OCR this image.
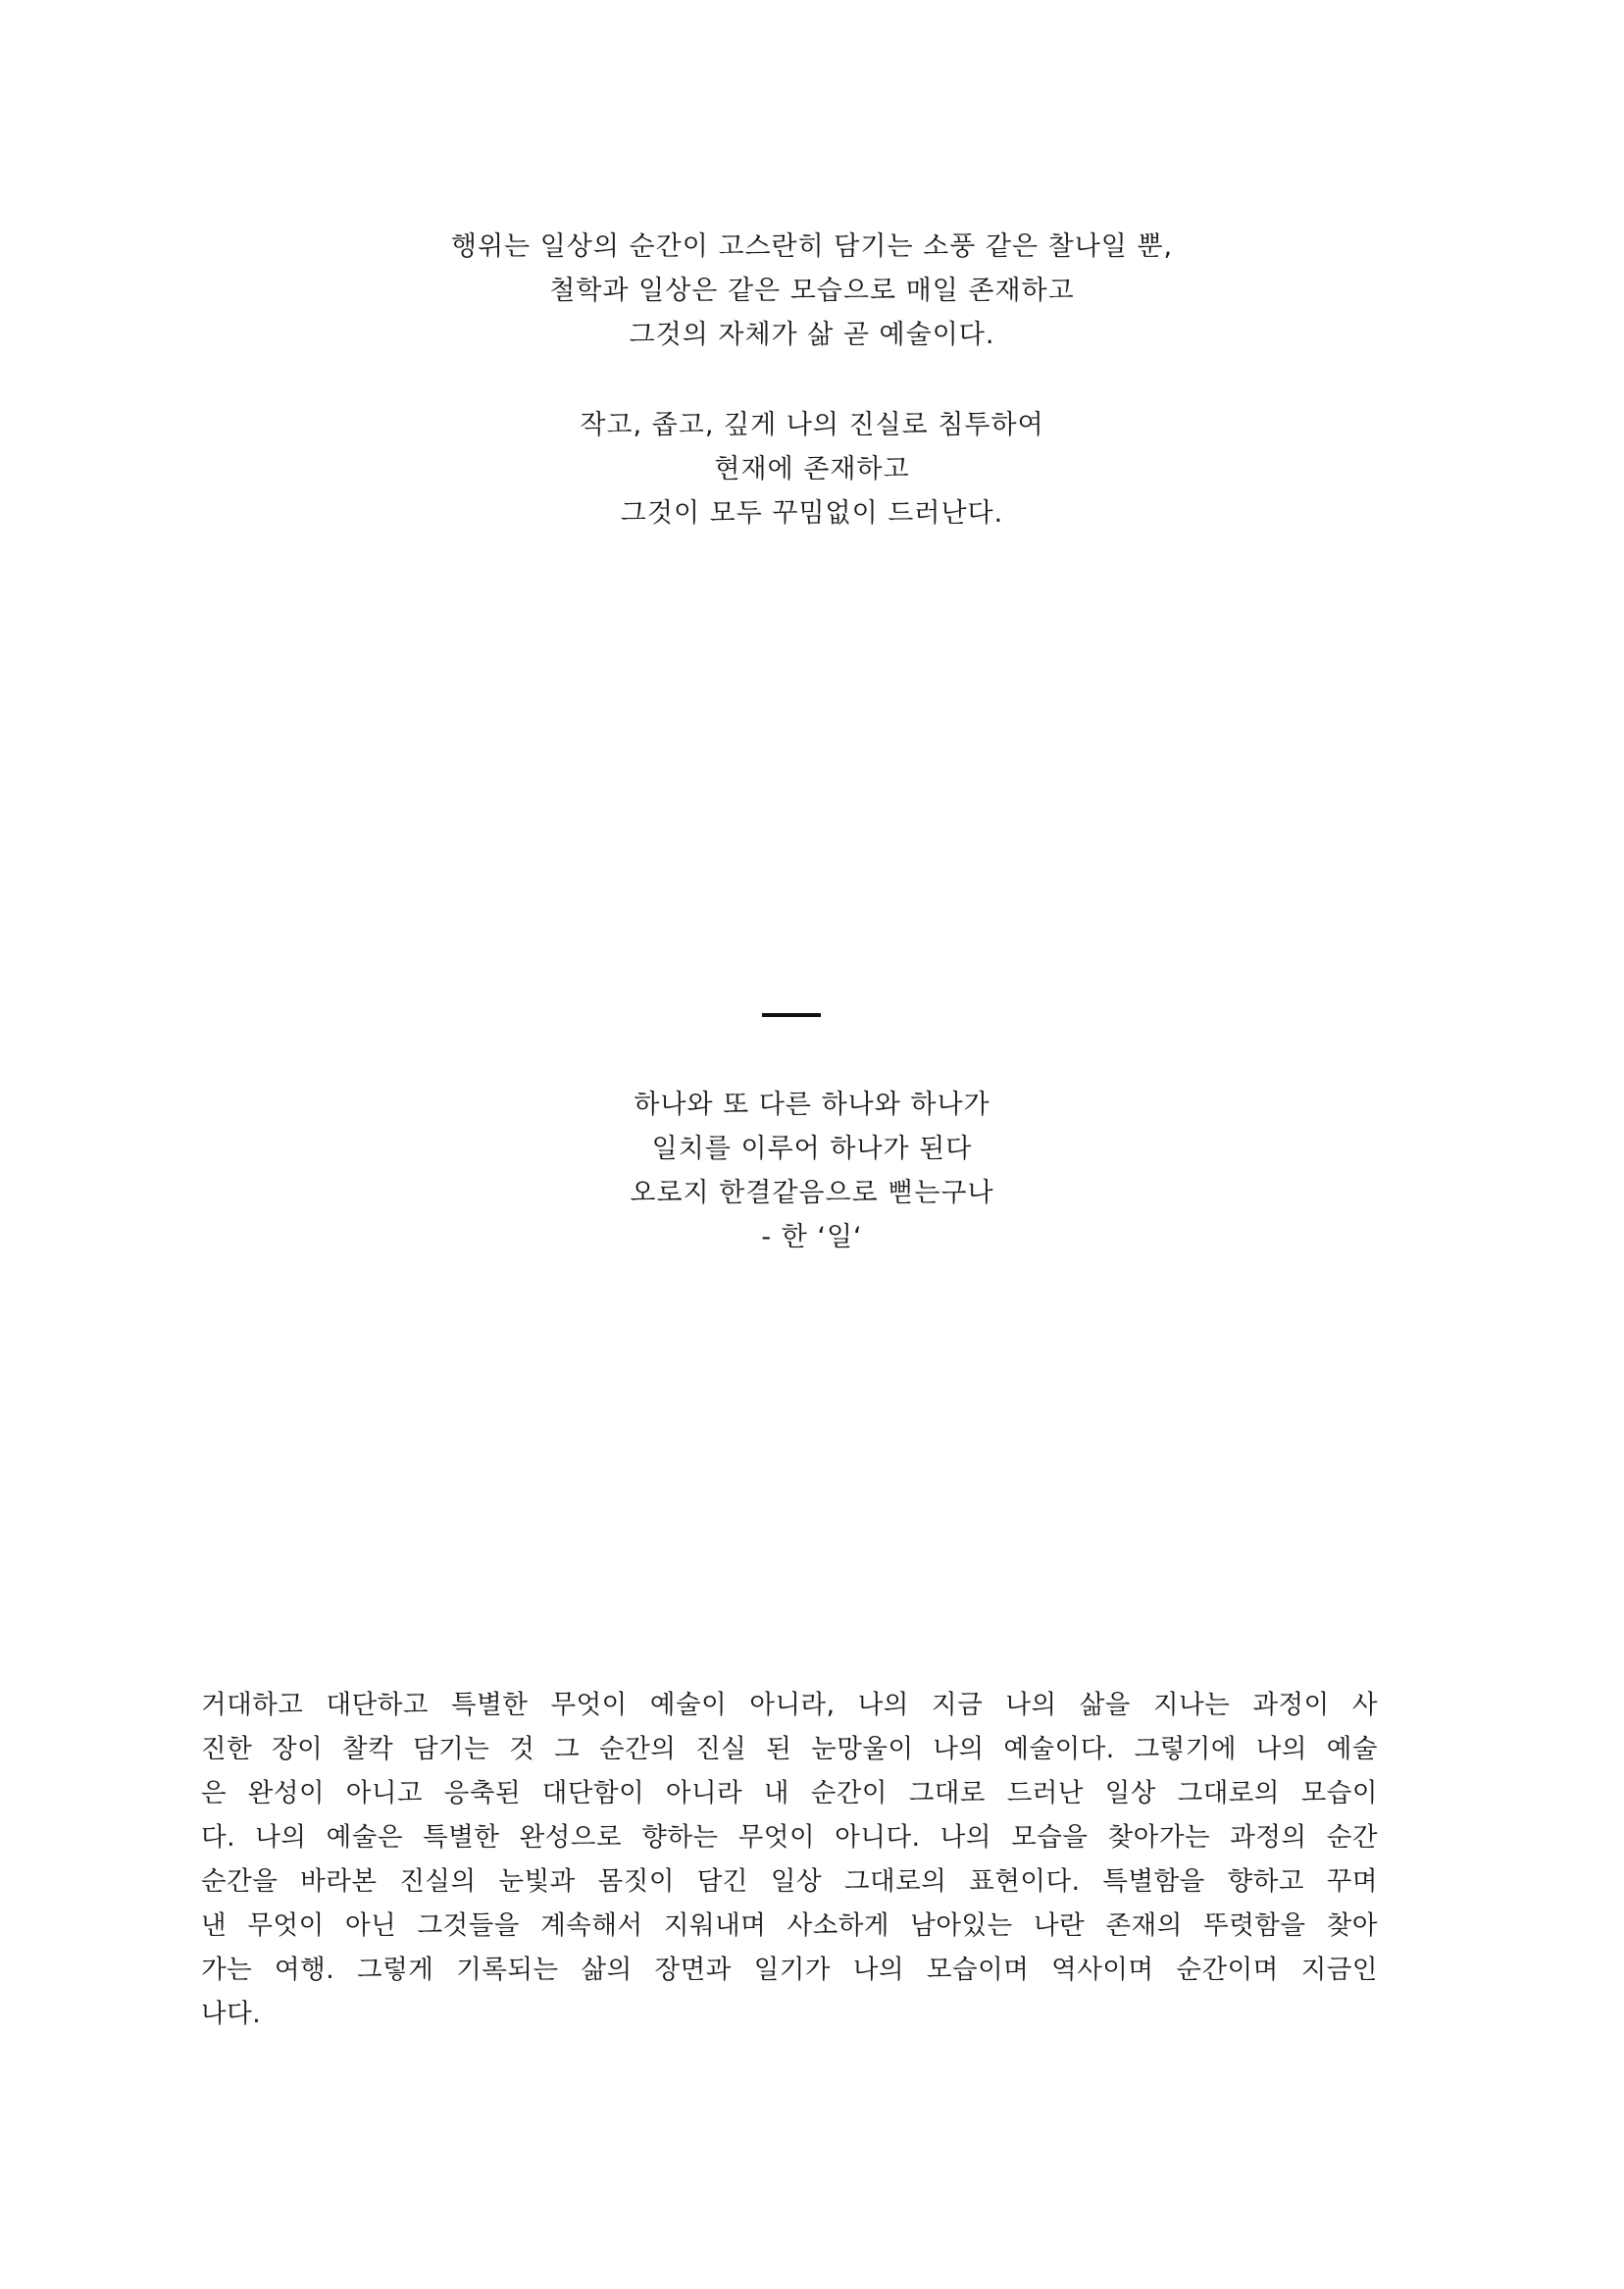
행위는 일상의 순간이 고스란히 담기는 소풍 같은 찰나일 뿐,
철학과 일상은 같은 모습으로 매일 존재하고
그것의 자체가 삶 곧 예술이다.
작고, 좁고, 깊게 나의 진실로 침투하여
현재에 존재하고
그것이 모두 꾸밈없이 드러난다.
하나와 또 다른 하나와 하나가
일치를 이루어 하나가 된다
오로지 한결같음으로 뻗는구나
- 한 ‘일‘
거대하고 대단하고 특별한 무엇이 예술이 아니라, 나의 지금 나의 삶을 지나는 과정이 사
진한 장이 찰칵 담기는 것 그 순간의 진실 된 눈망울이 나의 예술이다. 그렇기에 나의 예술
은 완성이 아니고 응축된 대단함이 아니라 내 순간이 그대로 드러난 일상 그대로의 모습이
다. 나의 예술은 특별한 완성으로 향하는 무엇이 아니다. 나의 모습을 찾아가는 과정의 순간
순간을 바라본 진실의 눈빛과 몸짓이 담긴 일상 그대로의 표현이다. 특별함을 향하고 꾸며
낸 무엇이 아닌 그것들을 계속해서 지워내며 사소하게 남아있는 나란 존재의 뚜렷함을 찾아
가는 여행. 그렇게 기록되는 삶의 장면과 일기가 나의 모습이며 역사이며 순간이며 지금인
나다.
